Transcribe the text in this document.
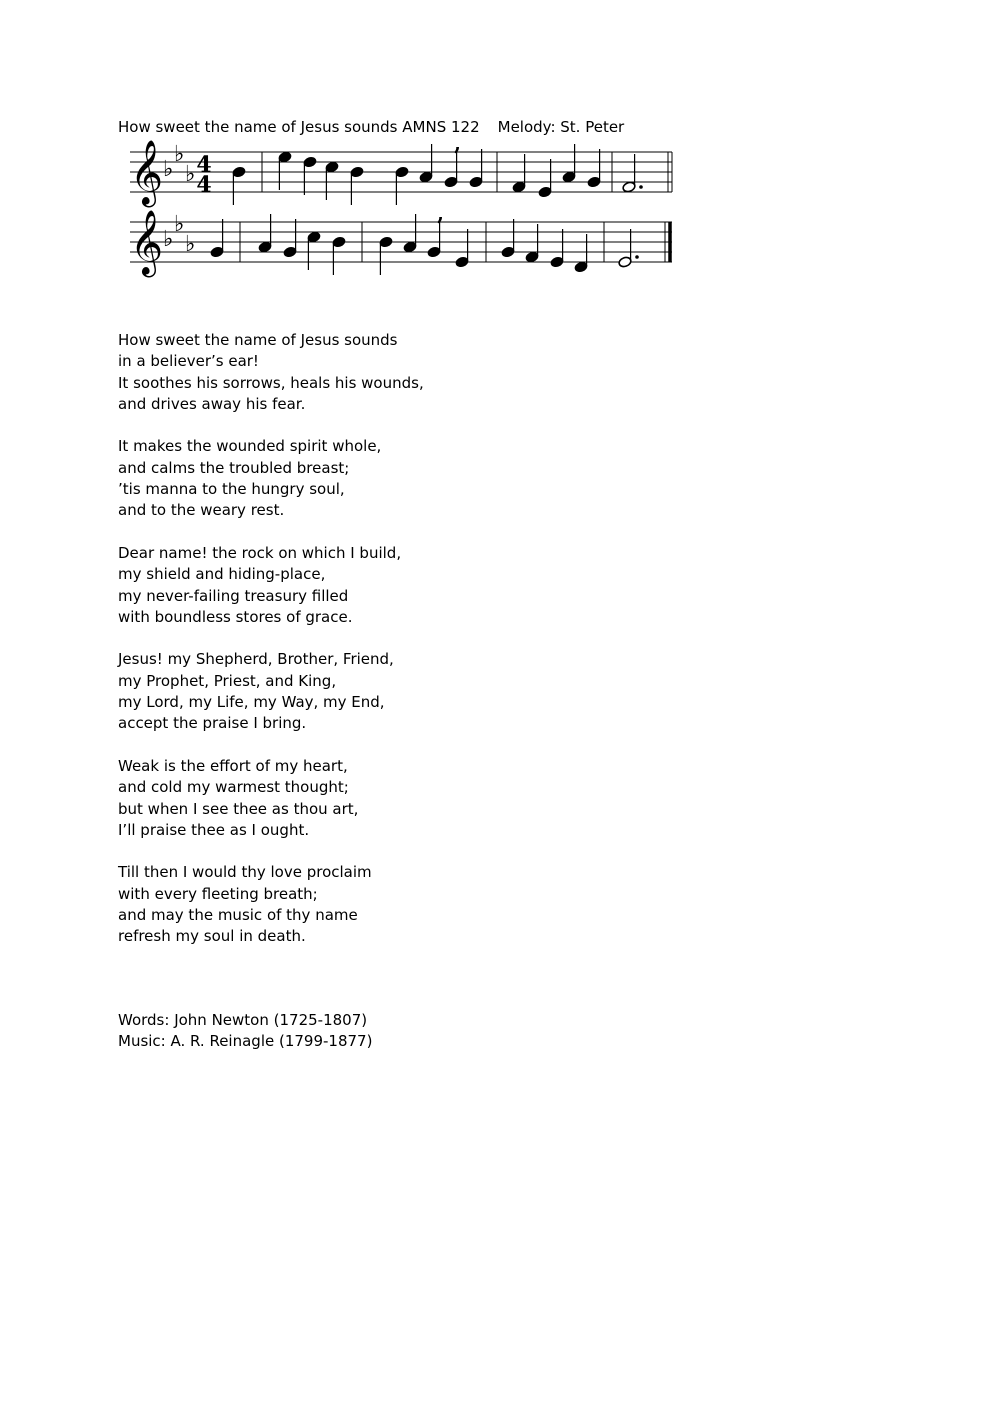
How sweet the name of Jesus sounds AMNS 122 Melody: St. Peter
𝄞 ♭
♭
♭ 4
4
,
𝄞 ♭
♭
♭
,
How sweet the name of Jesus sounds
in a believer’s ear!
It soothes his sorrows, heals his wounds,
and drives away his fear.
It makes the wounded spirit whole,
and calms the troubled breast;
’tis manna to the hungry soul,
and to the weary rest.
Dear name! the rock on which I build,
my shield and hiding-place,
my never-failing treasury filled
with boundless stores of grace.
Jesus! my Shepherd, Brother, Friend,
my Prophet, Priest, and King,
my Lord, my Life, my Way, my End,
accept the praise I bring.
Weak is the effort of my heart,
and cold my warmest thought;
but when I see thee as thou art,
I’ll praise thee as I ought.
Till then I would thy love proclaim
with every fleeting breath;
and may the music of thy name
refresh my soul in death.
Words: John Newton (1725-1807)
Music: A. R. Reinagle (1799-1877)
